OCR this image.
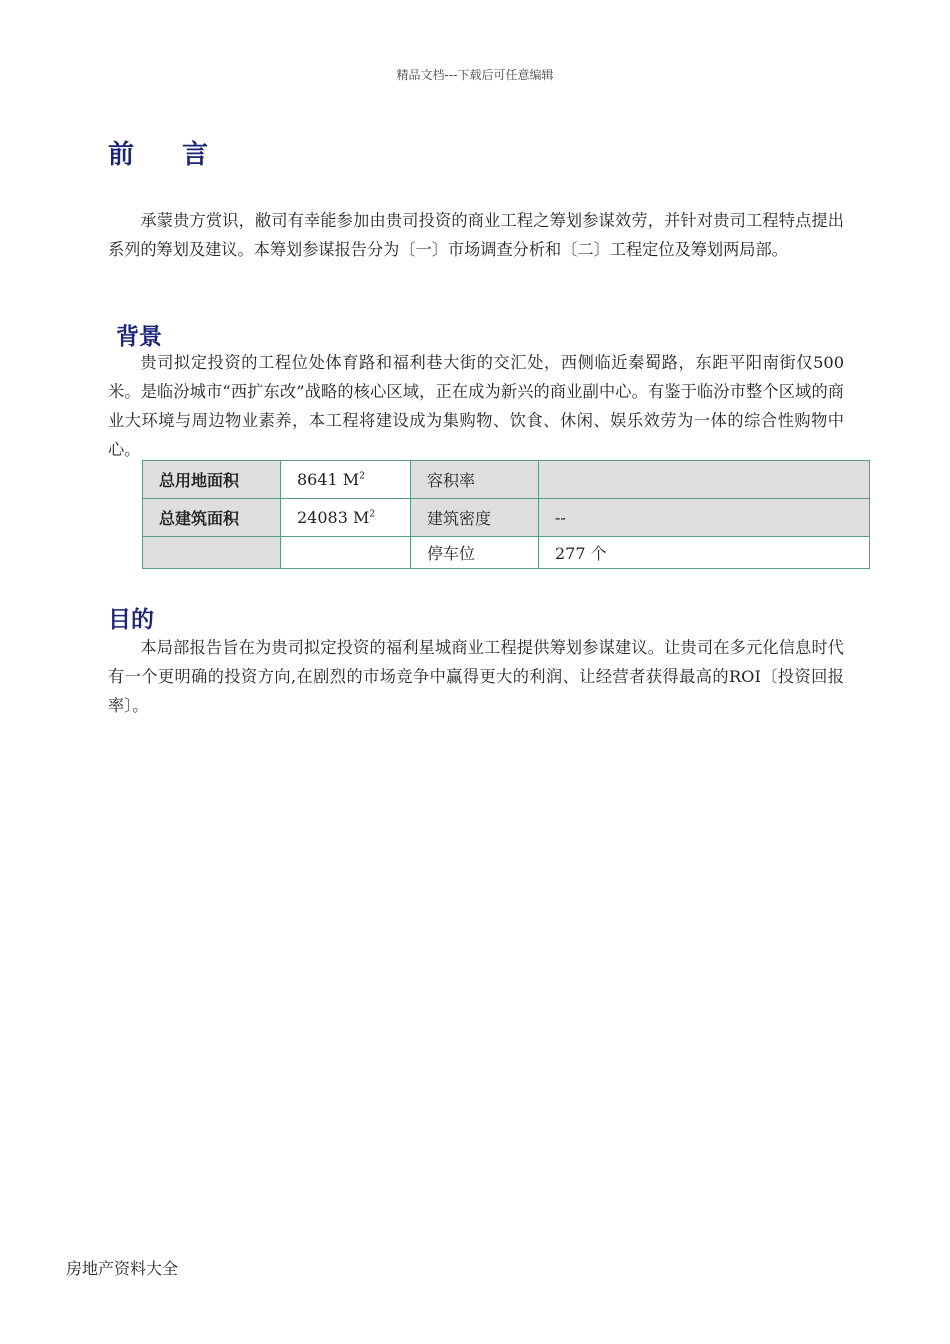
精品文档---下载后可任意编辑
前 言

承蒙贵方赏识，敝司有幸能参加由贵司投资的商业工程之筹划参谋效劳，并针对贵司工程特点提出系列的筹划及建议。本筹划参谋报告分为〔一〕市场调查分析和〔二〕工程定位及筹划两局部。

背景

贵司拟定投资的工程位处体育路和福利巷大街的交汇处，西侧临近秦蜀路，东距平阳南街仅500米。是临汾城市“西扩东改”战略的核心区域，正在成为新兴的商业副中心。有鉴于临汾市整个区域的商业大环境与周边物业素养，本工程将建设成为集购物、饮食、休闲、娱乐效劳为一体的综合性购物中心。

总用地面积	8641 $M^2$	容积率	
总建筑面积	24083 $M^2$	建筑密度	--
		停车位	277 个
目的

本局部报告旨在为贵司拟定投资的福利星城商业工程提供筹划参谋建议。让贵司在多元化信息时代有一个更明确的投资方向,在剧烈的市场竞争中赢得更大的利润、让经营者获得最高的ROI〔投资回报率〕。

房地产资料大全
